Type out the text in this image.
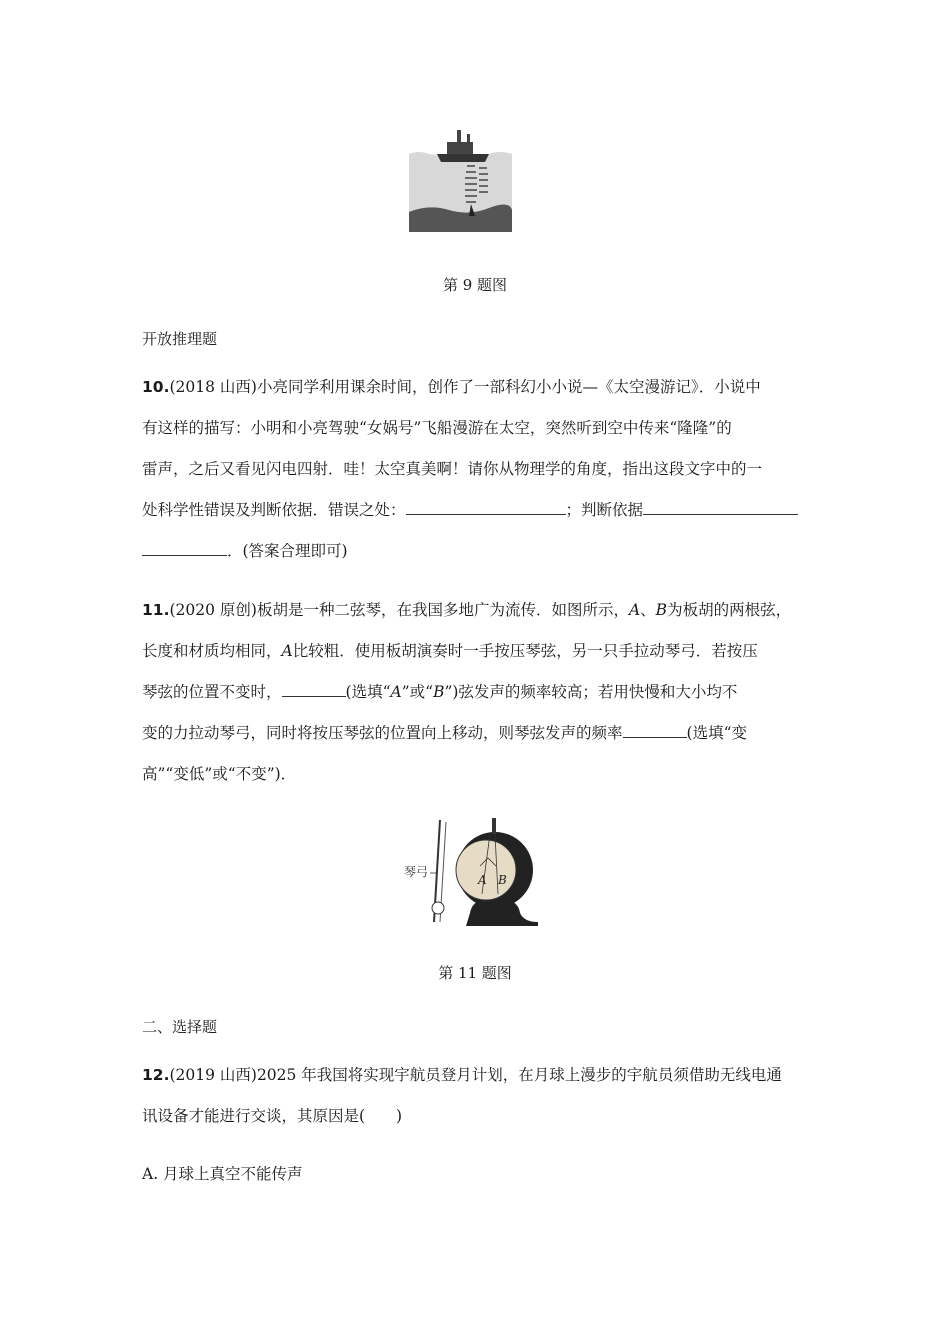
第 9 题图
开放推理题
10.(2018 山西)小亮同学利用课余时间，创作了一部科幻小小说—《太空漫游记》．小说中
有这样的描写：小明和小亮驾驶“女娲号”飞船漫游在太空，突然听到空中传来“隆隆”的
雷声，之后又看见闪电四射．哇！太空真美啊！请你从物理学的角度，指出这段文字中的一
处科学性错误及判断依据．错误之处：	；判断依据
．(答案合理即可)
11.(2020 原创)板胡是一种二弦琴，在我国多地广为流传．如图所示，A、B为板胡的两根弦，
长度和材质均相同，A比较粗．使用板胡演奏时一手按压琴弦，另一只手拉动琴弓．若按压
琴弦的位置不变时，	(选填“A”或“B”)弦发声的频率较高；若用快慢和大小均不
变的力拉动琴弓，同时将按压琴弦的位置向上移动，则琴弦发声的频率	(选填“变
高”“变低”或“不变”)．
琴弓
A B
第 11 题图
二、选择题
12.(2019 山西)2025 年我国将实现宇航员登月计划，在月球上漫步的宇航员须借助无线电通
讯设备才能进行交谈，其原因是(　　)
A. 月球上真空不能传声
